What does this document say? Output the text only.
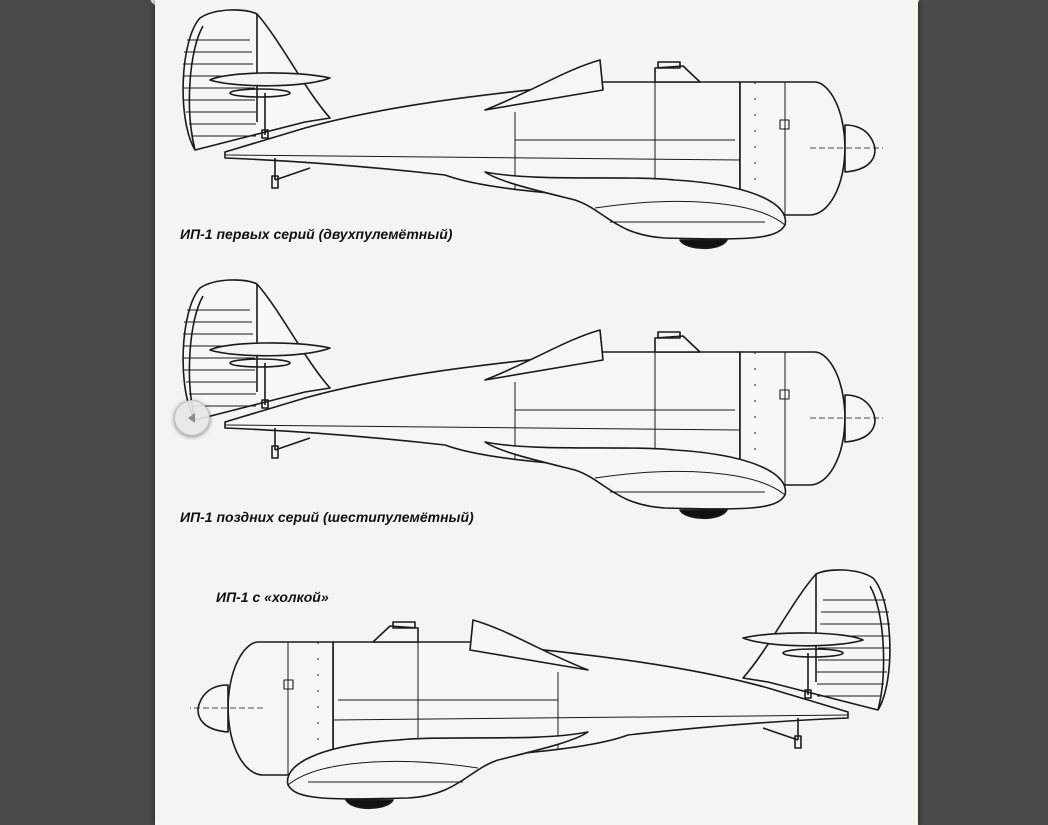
ИП-1 первых серий (двухпулемётный)
ИП-1 поздних серий (шестипулемётный)
ИП-1 с «холкой»
